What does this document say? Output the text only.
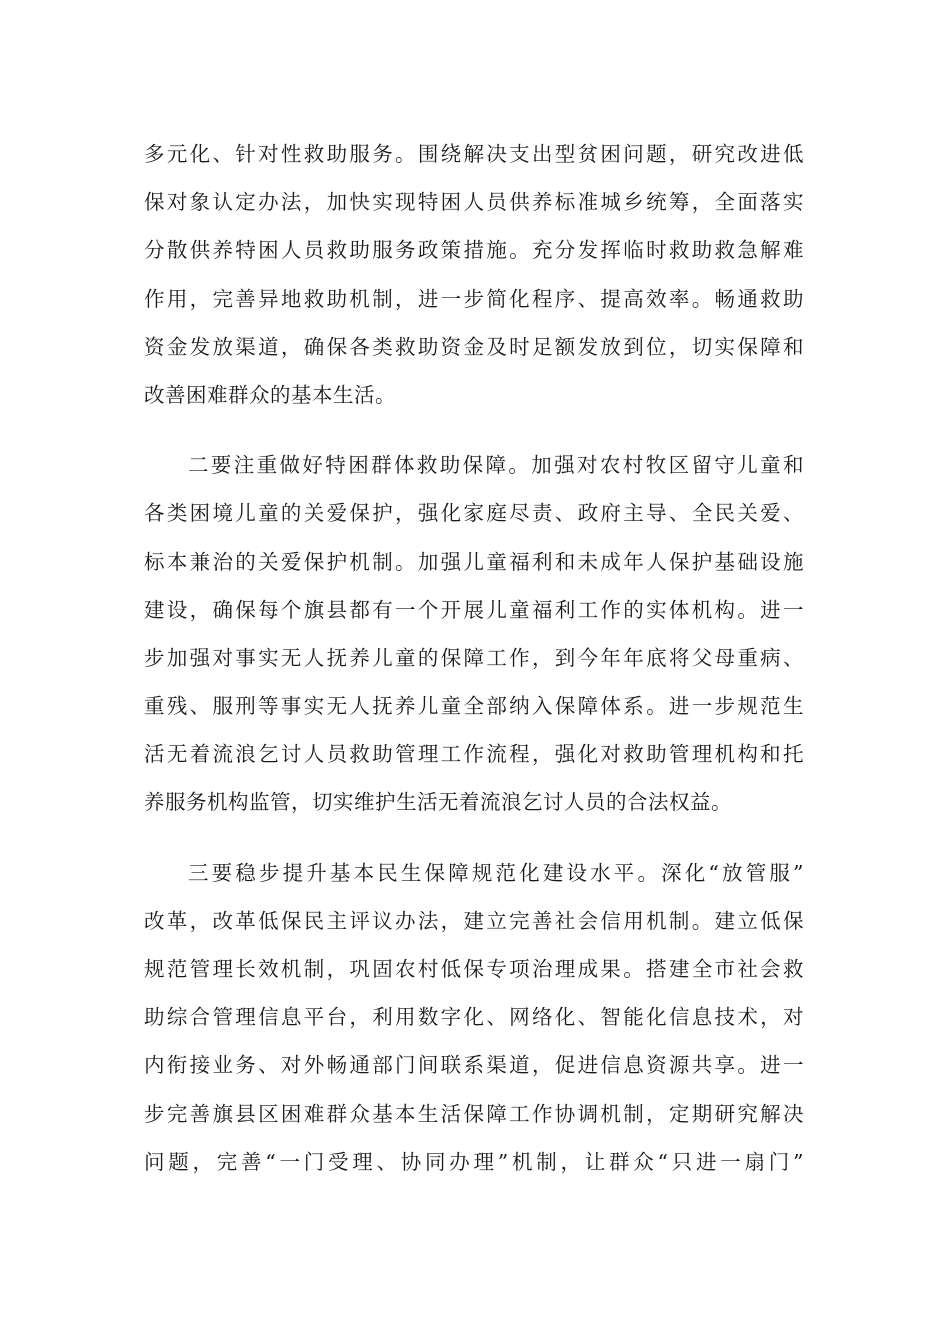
多元化、针对性救助服务。围绕解决支出型贫困问题，研究改进低
保对象认定办法，加快实现特困人员供养标准城乡统筹，全面落实
分散供养特困人员救助服务政策措施。充分发挥临时救助救急解难
作用，完善异地救助机制，进一步简化程序、提高效率。畅通救助
资金发放渠道，确保各类救助资金及时足额发放到位，切实保障和
改善困难群众的基本生活。
二要注重做好特困群体救助保障。加强对农村牧区留守儿童和
各类困境儿童的关爱保护，强化家庭尽责、政府主导、全民关爱、
标本兼治的关爱保护机制。加强儿童福利和未成年人保护基础设施
建设，确保每个旗县都有一个开展儿童福利工作的实体机构。进一
步加强对事实无人抚养儿童的保障工作，到今年年底将父母重病、
重残、服刑等事实无人抚养儿童全部纳入保障体系。进一步规范生
活无着流浪乞讨人员救助管理工作流程，强化对救助管理机构和托
养服务机构监管，切实维护生活无着流浪乞讨人员的合法权益。
三要稳步提升基本民生保障规范化建设水平。深化“放管服”
改革，改革低保民主评议办法，建立完善社会信用机制。建立低保
规范管理长效机制，巩固农村低保专项治理成果。搭建全市社会救
助综合管理信息平台，利用数字化、网络化、智能化信息技术，对
内衔接业务、对外畅通部门间联系渠道，促进信息资源共享。进一
步完善旗县区困难群众基本生活保障工作协调机制，定期研究解决
问题，完善“一门受理、协同办理”机制，让群众“只进一扇门”
